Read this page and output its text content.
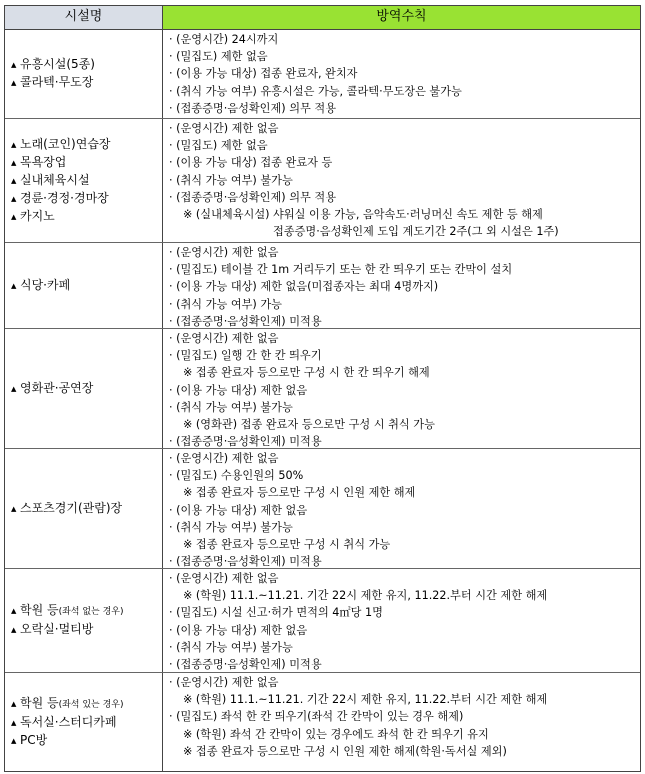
시설명	방역수칙
▲ 유흥시설(5종)
▲ 콜라텍·무도장
· (운영시간) 24시까지
· (밀집도) 제한 없음
· (이용 가능 대상) 접종 완료자, 완치자
· (취식 가능 여부) 유흥시설은 가능, 콜라텍·무도장은 불가능
· (접종증명·음성확인제) 의무 적용
▲ 노래(코인)연습장
▲ 목욕장업
▲ 실내체육시설
▲ 경륜·경정·경마장
▲ 카지노
· (운영시간) 제한 없음
· (밀집도) 제한 없음
· (이용 가능 대상) 접종 완료자 등
· (취식 가능 여부) 불가능
· (접종증명·음성확인제) 의무 적용
※ (실내체육시설) 샤워실 이용 가능, 음악속도·러닝머신 속도 제한 등 해제
접종증명·음성확인제 도입 계도기간 2주(그 외 시설은 1주)
▲ 식당·카페
· (운영시간) 제한 없음
· (밀집도) 테이블 간 1m 거리두기 또는 한 칸 띄우기 또는 칸막이 설치
· (이용 가능 대상) 제한 없음(미접종자는 최대 4명까지)
· (취식 가능 여부) 가능
· (접종증명·음성확인제) 미적용
▲ 영화관·공연장
· (운영시간) 제한 없음
· (밀집도) 일행 간 한 칸 띄우기
※ 접종 완료자 등으로만 구성 시 한 칸 띄우기 해제
· (이용 가능 대상) 제한 없음
· (취식 가능 여부) 불가능
※ (영화관) 접종 완료자 등으로만 구성 시 취식 가능
· (접종증명·음성확인제) 미적용
▲ 스포츠경기(관람)장
· (운영시간) 제한 없음
· (밀집도) 수용인원의 50%
※ 접종 완료자 등으로만 구성 시 인원 제한 해제
· (이용 가능 대상) 제한 없음
· (취식 가능 여부) 불가능
※ 접종 완료자 등으로만 구성 시 취식 가능
· (접종증명·음성확인제) 미적용
▲ 학원 등(좌석 없는 경우)
▲ 오락실·멀티방
· (운영시간) 제한 없음
※ (학원) 11.1.~11.21. 기간 22시 제한 유지, 11.22.부터 시간 제한 해제
· (밀집도) 시설 신고·허가 면적의 4㎡당 1명
· (이용 가능 대상) 제한 없음
· (취식 가능 여부) 불가능
· (접종증명·음성확인제) 미적용
▲ 학원 등(좌석 있는 경우)
▲ 독서실·스터디카페
▲ PC방
· (운영시간) 제한 없음
※ (학원) 11.1.~11.21. 기간 22시 제한 유지, 11.22.부터 시간 제한 해제
· (밀집도) 좌석 한 칸 띄우기(좌석 간 칸막이 있는 경우 해제)
※ (학원) 좌석 간 칸막이 있는 경우에도 좌석 한 칸 띄우기 유지
※ 접종 완료자 등으로만 구성 시 인원 제한 해제(학원·독서실 제외)
